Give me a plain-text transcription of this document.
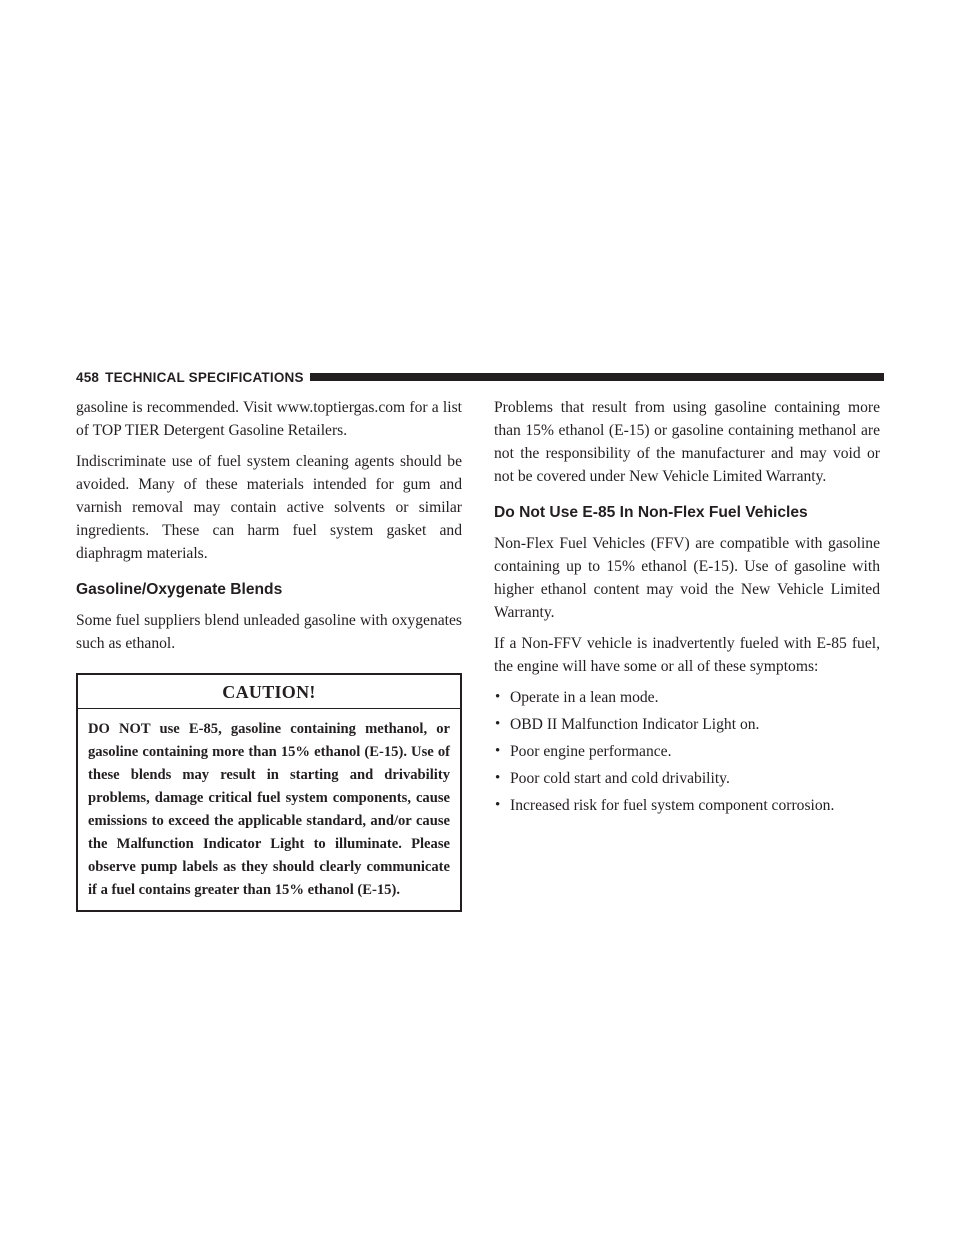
458 TECHNICAL SPECIFICATIONS

gasoline is recommended. Visit www.toptiergas.com for a list of TOP TIER Detergent Gasoline Retailers.

Indiscriminate use of fuel system cleaning agents should be avoided. Many of these materials intended for gum and varnish removal may contain active solvents or similar ingredients. These can harm fuel system gasket and diaphragm materials.

Gasoline/Oxygenate Blends

Some fuel suppliers blend unleaded gasoline with oxygenates such as ethanol.

CAUTION!
DO NOT use E-85, gasoline containing methanol, or gasoline containing more than 15% ethanol (E-15). Use of these blends may result in starting and drivability problems, damage critical fuel system components, cause emissions to exceed the applicable standard, and/or cause the Malfunction Indicator Light to illuminate. Please observe pump labels as they should clearly communicate if a fuel contains greater than 15% ethanol (E-15).

Problems that result from using gasoline containing more than 15% ethanol (E-15) or gasoline containing methanol are not the responsibility of the manufacturer and may void or not be covered under New Vehicle Limited Warranty.

Do Not Use E-85 In Non-Flex Fuel Vehicles

Non-Flex Fuel Vehicles (FFV) are compatible with gasoline containing up to 15% ethanol (E-15). Use of gasoline with higher ethanol content may void the New Vehicle Limited Warranty.

If a Non-FFV vehicle is inadvertently fueled with E-85 fuel, the engine will have some or all of these symptoms:

• Operate in a lean mode.
• OBD II Malfunction Indicator Light on.
• Poor engine performance.
• Poor cold start and cold drivability.
• Increased risk for fuel system component corrosion.
